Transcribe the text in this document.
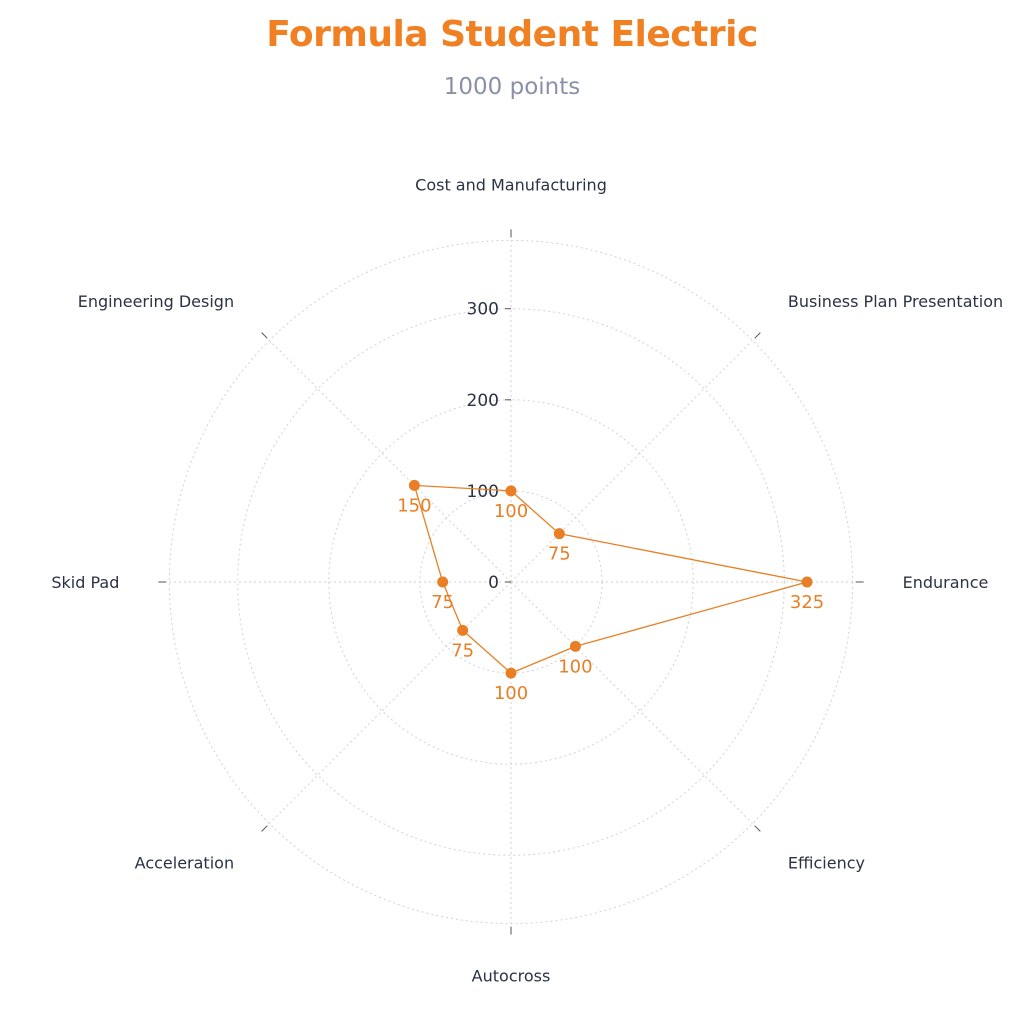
Formula Student Electric
1000 points
0
100
200
300
Cost and Manufacturing
Business Plan Presentation
Endurance
Efficiency
Autocross
Acceleration
Skid Pad
Engineering Design
100
75
325
100
100
75
75
150
